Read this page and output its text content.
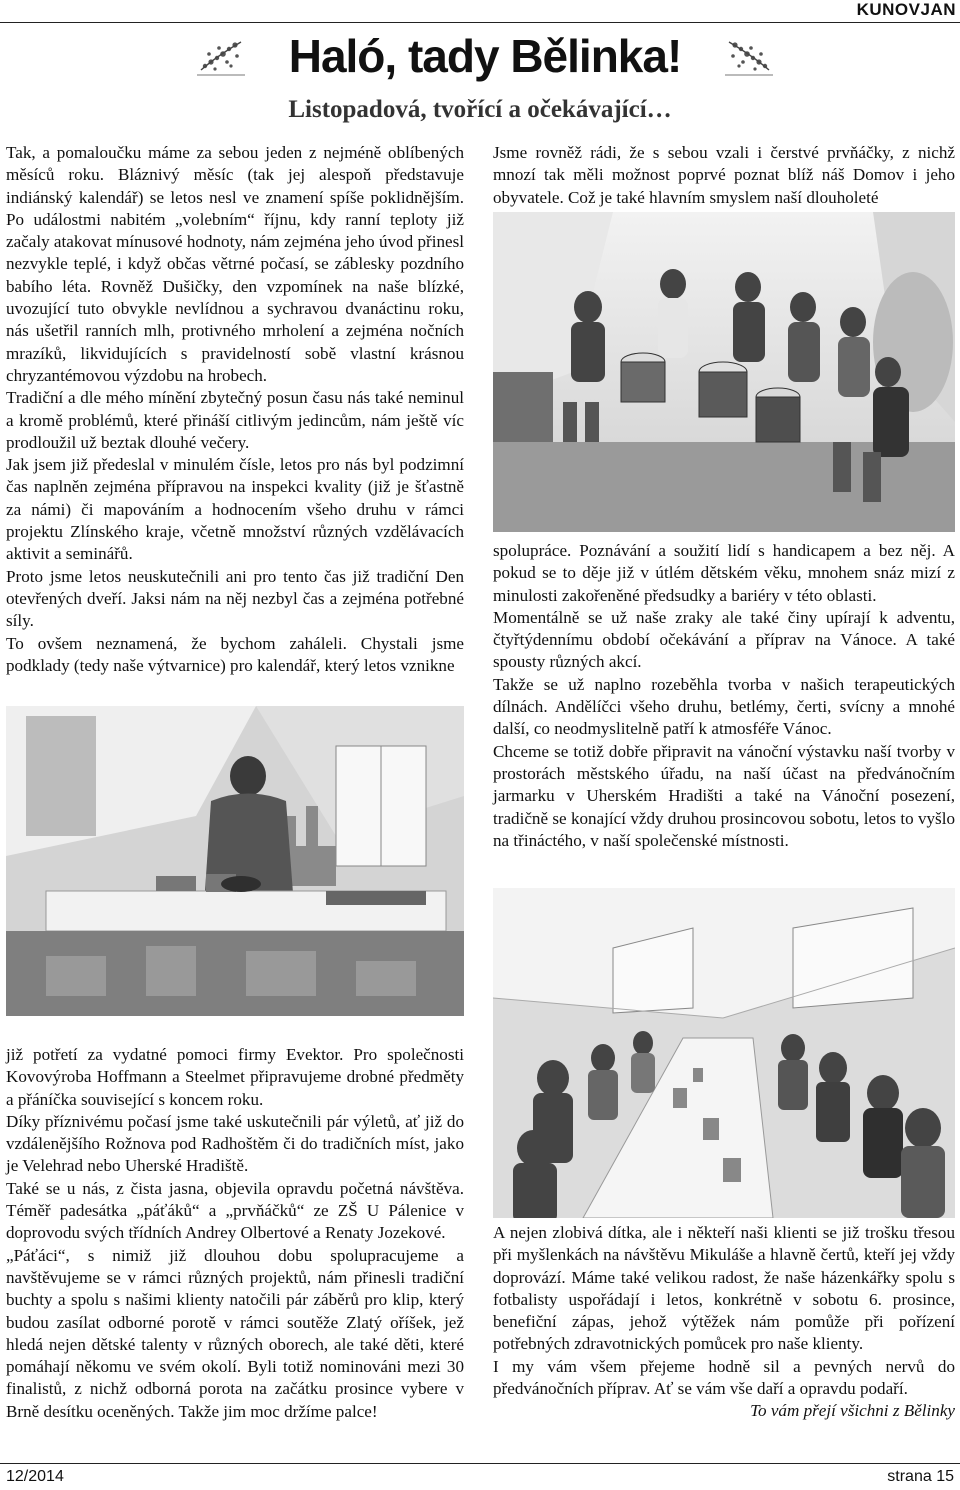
KUNOVJAN
Haló, tady Bělinka!
Listopadová, tvořící a očekávající…

Tak, a pomaloučku máme za sebou jeden z nejméně oblíbených měsíců roku. Bláznivý měsíc (tak jej alespoň představuje indiánský kalendář) se letos nesl ve znamení spíše poklidnějším. Po událostmi nabitém „volebním“ říjnu, kdy ranní teploty již začaly atakovat mínusové hodnoty, nám zejména jeho úvod přinesl nezvykle teplé, i když občas větrné počasí, se záblesky pozdního babího léta. Rovněž Dušičky, den vzpomínek na naše blízké, uvozující tuto obvykle nevlídnou a sychravou dvanáctinu roku, nás ušetřil ranních mlh, protivného mrholení a zejména nočních mrazíků, likvidujících s pravidelností sobě vlastní krásnou chryzantémovou výzdobu na hrobech.

Tradiční a dle mého mínění zbytečný posun času nás také neminul a kromě problémů, které přináší citlivým jedincům, nám ještě víc prodloužil už beztak dlouhé večery.

Jak jsem již předeslal v minulém čísle, letos pro nás byl podzimní čas naplněn zejména přípravou na inspekci kvality (již je šťastně za námi) či mapováním a hodnocením všeho druhu v rámci projektu Zlínského kraje, včetně množství různých vzdělávacích aktivit a seminářů.

Proto jsme letos neuskutečnili ani pro tento čas již tradiční Den otevřených dveří. Jaksi nám na něj nezbyl čas a zejména potřebné síly.

To ovšem neznamená, že bychom zaháleli. Chystali jsme podklady (tedy naše výtvarnice) pro kalendář, který letos vznikne

Jsme rovněž rádi, že s sebou vzali i čerstvé prvňáčky, z nichž mnozí tak měli možnost poprvé poznat blíž náš Domov i jeho obyvatele. Což je také hlavním smyslem naší dlouholeté

spolupráce. Poznávání a soužití lidí s handicapem a bez něj. A pokud se to děje již v útlém dětském věku, mnohem snáz mizí z minulosti zakořeněné předsudky a bariéry v této oblasti.

Momentálně se už naše zraky ale také činy upírají k adventu, čtyřtýdennímu období očekávání a příprav na Vánoce. A také spousty různých akcí.

Takže se už naplno rozeběhla tvorba v našich terapeutických dílnách. Andělíčci všeho druhu, betlémy, čerti, svícny a mnohé další, co neodmyslitelně patří k atmosféře Vánoc.

Chceme se totiž dobře připravit na vánoční výstavku naší tvorby v prostorách městského úřadu, na naší účast na předvánočním jarmarku v Uherském Hradišti a také na Vánoční posezení, tradičně se konající vždy druhou prosincovou sobotu, letos to vyšlo na třináctého, v naší společenské místnosti.

již potřetí za vydatné pomoci firmy Evektor. Pro společnosti Kovovýroba Hoffmann a Steelmet připravujeme drobné předměty a přáníčka související s koncem roku.

Díky příznivému počasí jsme také uskutečnili pár výletů, ať již do vzdálenějšího Rožnova pod Radhoštěm či do tradičních míst, jako je Velehrad nebo Uherské Hradiště.

Také se u nás, z čista jasna, objevila opravdu početná návštěva. Téměř padesátka „páťáků“ a „prvňáčků“ ze ZŠ U Pálenice v doprovodu svých třídních Andrey Olbertové a Renaty Jozekové.

„Páťáci“, s nimiž již dlouhou dobu spolupracujeme a navštěvujeme se v rámci různých projektů, nám přinesli tradiční buchty a spolu s našimi klienty natočili pár záběrů pro klip, který budou zasílat odborné porotě v rámci soutěže Zlatý oříšek, jež hledá nejen dětské talenty v různých oborech, ale také děti, které pomáhají někomu ve svém okolí. Byli totiž nominováni mezi 30 finalistů, z nichž odborná porota na začátku prosince vybere v Brně desítku oceněných. Takže jim moc držíme palce!

A nejen zlobivá dítka, ale i někteří naši klienti se již trošku třesou při myšlenkách na návštěvu Mikuláše a hlavně čertů, kteří jej vždy doprovází. Máme také velikou radost, že naše házenkářky spolu s fotbalisty uspořádají i letos, konkrétně v sobotu 6. prosince, benefiční zápas, jehož výtěžek nám pomůže při pořízení potřebných zdravotnických pomůcek pro naše klienty.

I my vám všem přejeme hodně sil a pevných nervů do předvánočních příprav. Ať se vám vše daří a opravdu podaří.

To vám přejí všichni z Bělinky

12/2014	strana 15
